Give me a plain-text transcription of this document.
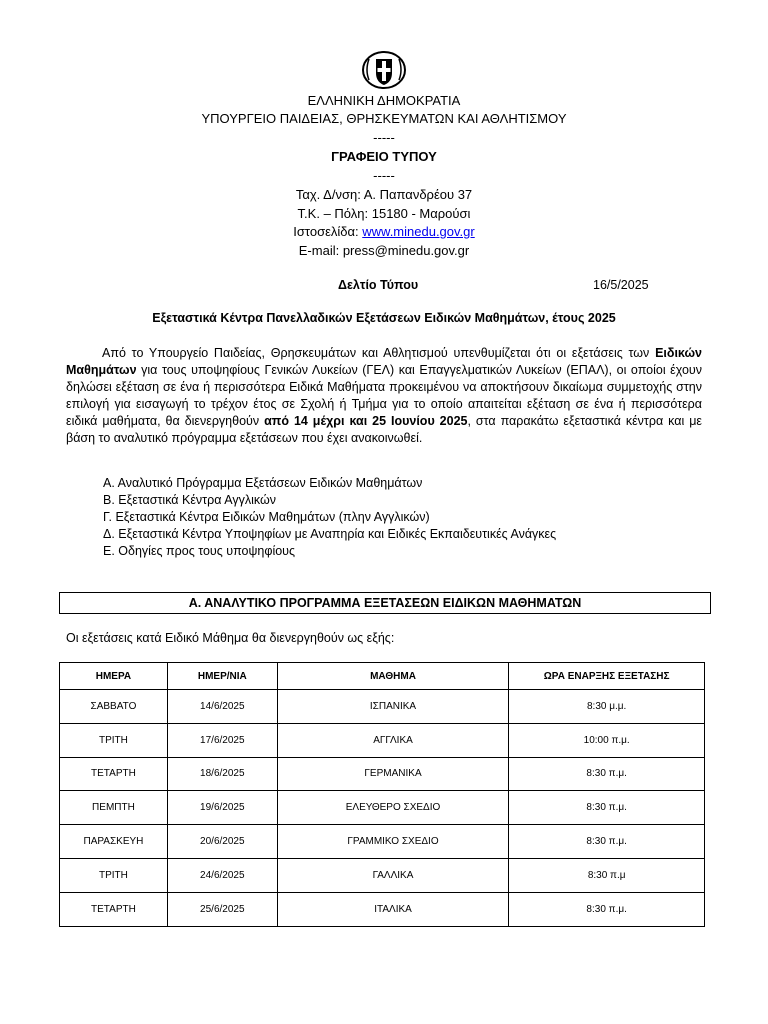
ΕΛΛΗΝΙΚΗ ΔΗΜΟΚΡΑΤΙΑ
ΥΠΟΥΡΓΕΙΟ ΠΑΙΔΕΙΑΣ, ΘΡΗΣΚΕΥΜΑΤΩΝ ΚΑΙ ΑΘΛΗΤΙΣΜΟΥ
-----
ΓΡΑΦΕΙΟ ΤΥΠΟΥ
-----
Ταχ. Δ/νση: Α. Παπανδρέου 37
Τ.Κ. – Πόλη: 15180 - Μαρούσι
Ιστοσελίδα: www.minedu.gov.gr
E-mail: press@minedu.gov.gr
Δελτίο Τύπου	16/5/2025
Εξεταστικά Κέντρα Πανελλαδικών Εξετάσεων Ειδικών Μαθημάτων, έτους 2025

Από το Υπουργείο Παιδείας, Θρησκευμάτων και Αθλητισμού υπενθυμίζεται ότι οι εξετάσεις των Ειδικών Μαθημάτων για τους υποψηφίους Γενικών Λυκείων (ΓΕΛ) και Επαγγελματικών Λυκείων (ΕΠΑΛ), οι οποίοι έχουν δηλώσει εξέταση σε ένα ή περισσότερα Ειδικά Μαθήματα προκειμένου να αποκτήσουν δικαίωμα συμμετοχής στην επιλογή για εισαγωγή το τρέχον έτος σε Σχολή ή Τμήμα για το οποίο απαιτείται εξέταση σε ένα ή περισσότερα ειδικά μαθήματα, θα διενεργηθούν από 14 μέχρι και 25 Ιουνίου 2025, στα παρακάτω εξεταστικά κέντρα και με βάση το αναλυτικό πρόγραμμα εξετάσεων που έχει ανακοινωθεί.

Α. Αναλυτικό Πρόγραμμα Εξετάσεων Ειδικών Μαθημάτων
Β. Εξεταστικά Κέντρα Αγγλικών
Γ. Εξεταστικά Κέντρα Ειδικών Μαθημάτων (πλην Αγγλικών)
Δ. Εξεταστικά Κέντρα Υποψηφίων με Αναπηρία και Ειδικές Εκπαιδευτικές Ανάγκες
Ε. Οδηγίες προς τους υποψηφίους
Α. ΑΝΑΛΥΤΙΚΟ ΠΡΟΓΡΑΜΜΑ ΕΞΕΤΑΣΕΩΝ ΕΙΔΙΚΩΝ ΜΑΘΗΜΑΤΩΝ
Οι εξετάσεις κατά Ειδικό Μάθημα θα διενεργηθούν ως εξής:
ΗΜΕΡΑ	ΗΜΕΡ/ΝΙΑ	ΜΑΘΗΜΑ	ΩΡΑ ΕΝΑΡΞΗΣ ΕΞΕΤΑΣΗΣ
ΣΑΒΒΑΤΟ	14/6/2025	ΙΣΠΑΝΙΚΑ	8:30 μ.μ.
ΤΡΙΤΗ	17/6/2025	ΑΓΓΛΙΚΑ	10:00 π.μ.
ΤΕΤΑΡΤΗ	18/6/2025	ΓΕΡΜΑΝΙΚΑ	8:30 π.μ.
ΠΕΜΠΤΗ	19/6/2025	ΕΛΕΥΘΕΡΟ ΣΧΕΔΙΟ	8:30 π.μ.
ΠΑΡΑΣΚΕΥΗ	20/6/2025	ΓΡΑΜΜΙΚΟ ΣΧΕΔΙΟ	8:30 π.μ.
ΤΡΙΤΗ	24/6/2025	ΓΑΛΛΙΚΑ	8:30 π.μ
ΤΕΤΑΡΤΗ	25/6/2025	ΙΤΑΛΙΚΑ	8:30 π.μ.
